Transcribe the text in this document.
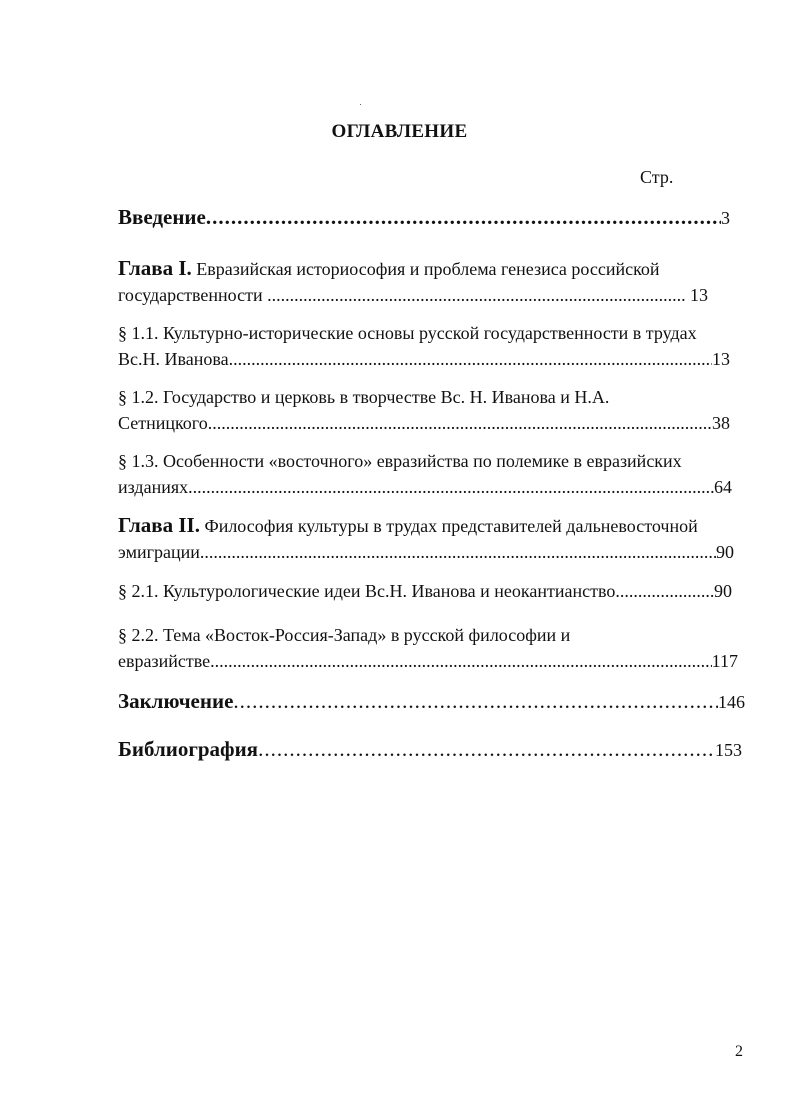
ОГЛАВЛЕНИЕ
Стр.
Введение .....	3
Глава I.
Евразийская историософия и проблема генезиса российской
государственности
.....
	13
§ 1.1. Культурно-исторические основы русской государственности в трудах
Вс.Н. Иванова .....	13
§ 1.2. Государство и церковь в творчестве Вс. Н. Иванова и Н.А.
Сетницкого .....	38
§ 1.3. Особенности «восточного» евразийства по полемике в евразийских
изданиях .....	64
Глава II.
Философия культуры в трудах представителей дальневосточной
эмиграции .....	90
§ 2.1. Культурологические идеи Вс.Н. Иванова и неокантианство .....	90
§ 2.2. Тема «Восток-Россия-Запад» в русской философии и
евразийстве .....	117
Заключение .....	146
Библиография .....	153
2
